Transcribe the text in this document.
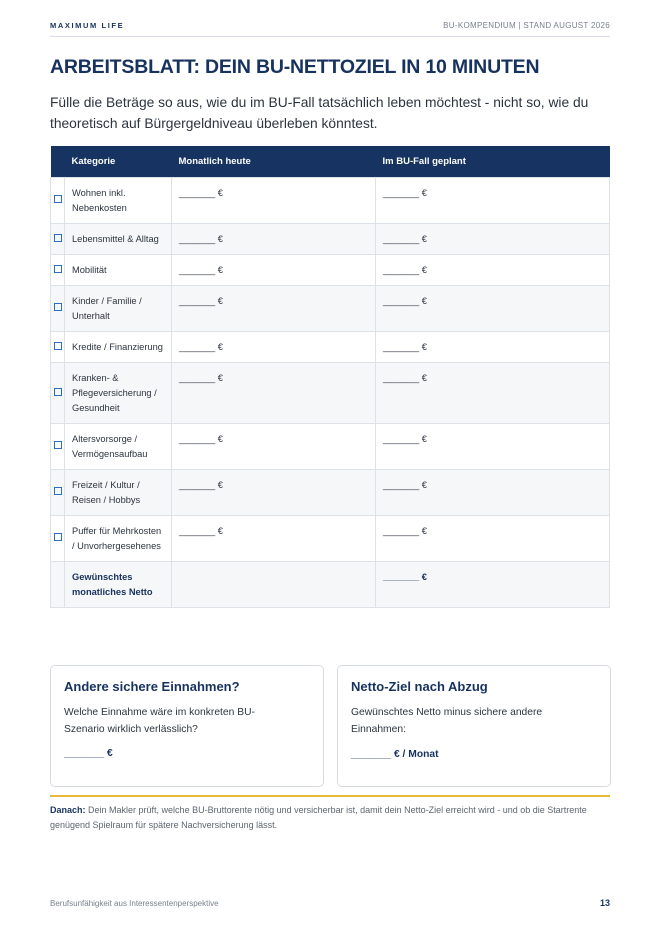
MAXIMUM LIFE	BU-KOMPENDIUM | STAND AUGUST 2026
ARBEITSBLATT: DEIN BU-NETTOZIEL IN 10 MINUTEN
Fülle die Beträge so aus, wie du im BU-Fall tatsächlich leben möchtest - nicht so, wie du theoretisch auf Bürgergeldniveau überleben könntest.
	Kategorie	Monatlich heute	Im BU-Fall geplant
	Wohnen inkl. Nebenkosten	_______ €	_______ €
	Lebensmittel & Alltag	_______ €	_______ €
	Mobilität	_______ €	_______ €
	Kinder / Familie / Unterhalt	_______ €	_______ €
	Kredite / Finanzierung	_______ €	_______ €
	Kranken- & Pflegeversicherung / Gesundheit	_______ €	_______ €
	Altersvorsorge / Vermögensaufbau	_______ €	_______ €
	Freizeit / Kultur / Reisen / Hobbys	_______ €	_______ €
	Puffer für Mehrkosten / Unvorhergesehenes	_______ €	_______ €
	Gewünschtes monatliches Netto		_______ €
Andere sichere Einnahmen?
Welche Einnahme wäre im konkreten BU-Szenario wirklich verlässlich?
_______ €
Netto-Ziel nach Abzug
Gewünschtes Netto minus sichere andere Einnahmen:
_______ € / Monat
Danach: Dein Makler prüft, welche BU-Bruttorente nötig und versicherbar ist, damit dein Netto-Ziel erreicht wird - und ob die Startrente genügend Spielraum für spätere Nachversicherung lässt.
Berufsunfähigkeit aus Interessentenperspektive	13
